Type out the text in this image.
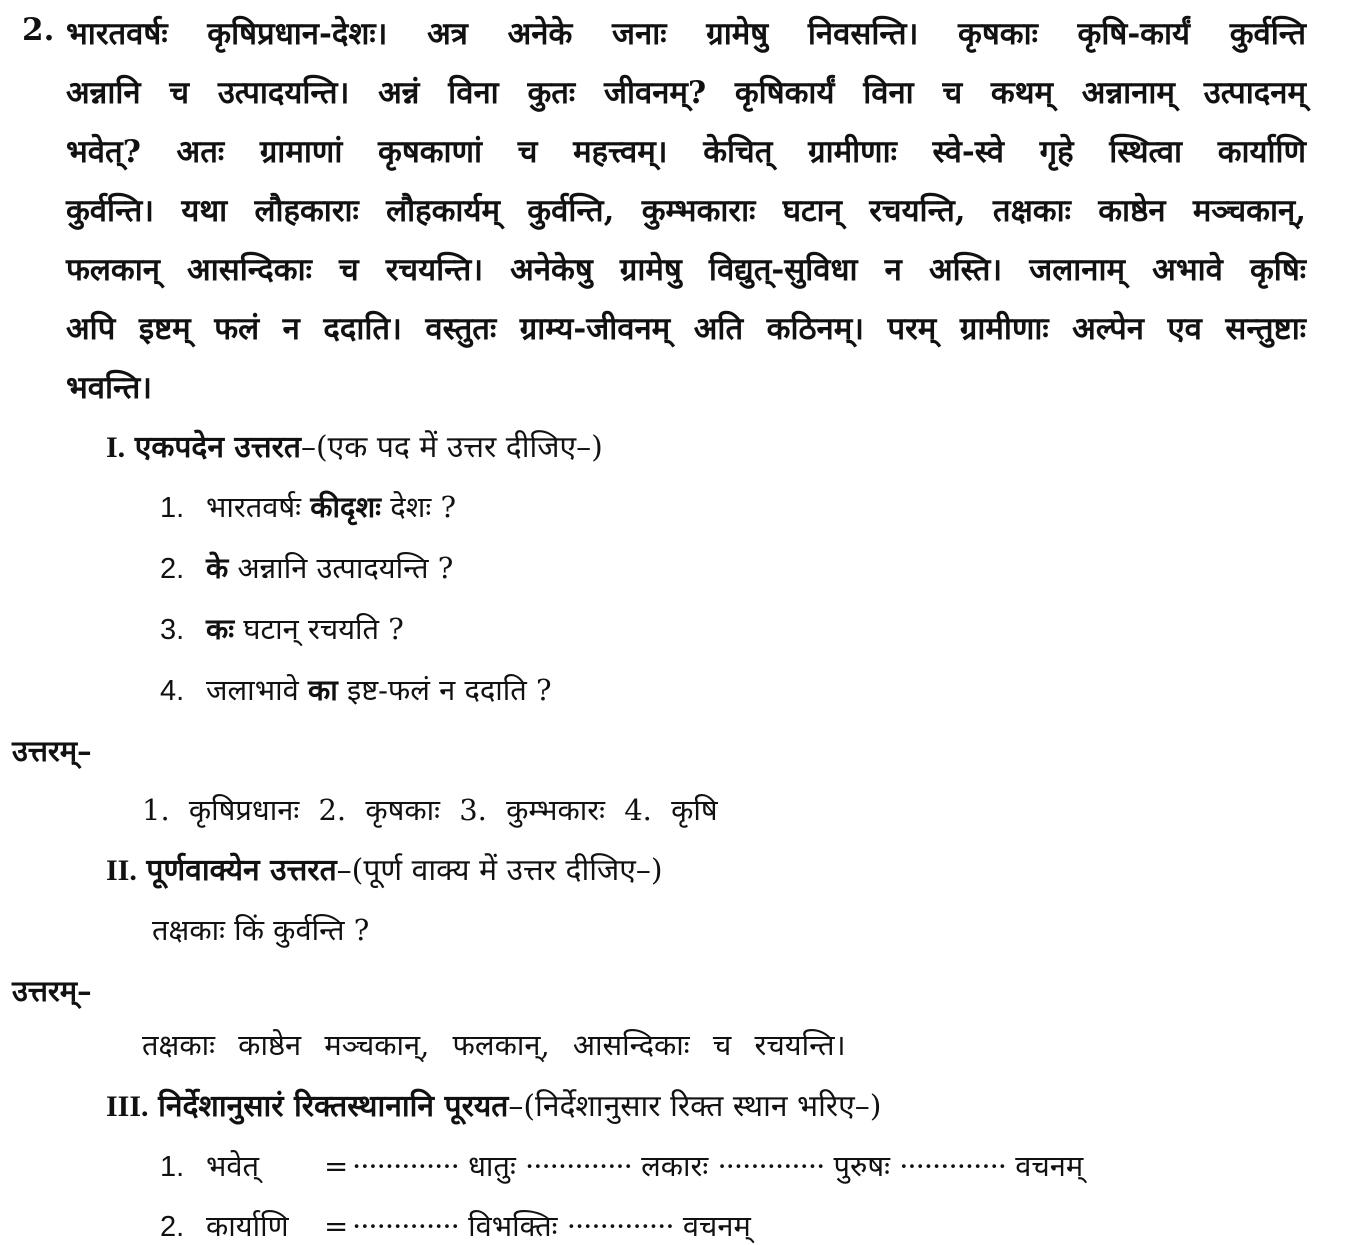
2. भारतवर्षः कृषिप्रधान-देशः। अत्र अनेके जनाः ग्रामेषु निवसन्ति। कृषकाः कृषि-कार्यं कुर्वन्ति
अन्नानि च उत्पादयन्ति। अन्नं विना कुतः जीवनम्? कृषिकार्यं विना च कथम् अन्नानाम् उत्पादनम्
भवेत्? अतः ग्रामाणां कृषकाणां च महत्त्वम्। केचित् ग्रामीणाः स्वे-स्वे गृहे स्थित्वा कार्याणि
कुर्वन्ति। यथा लौहकाराः लौहकार्यम् कुर्वन्ति, कुम्भकाराः घटान् रचयन्ति, तक्षकाः काष्ठेन मञ्चकान्,
फलकान् आसन्दिकाः च रचयन्ति। अनेकेषु ग्रामेषु विद्युत्-सुविधा न अस्ति। जलानाम् अभावे कृषिः
अपि इष्टम् फलं न ददाति। वस्तुतः ग्राम्य-जीवनम् अति कठिनम्। परम् ग्रामीणाः अल्पेन एव सन्तुष्टाः
भवन्ति।
I. एकपदेन उत्तरत–(एक पद में उत्तर दीजिए–)
1. भारतवर्षः कीदृशः देशः ?
2. के अन्नानि उत्पादयन्ति ?
3. कः घटान् रचयति ?
4. जलाभावे का इष्ट-फलं न ददाति ?
उत्तरम्–
1. कृषिप्रधानः 2. कृषकाः 3. कुम्भकारः 4. कृषि
II. पूर्णवाक्येन उत्तरत–(पूर्ण वाक्य में उत्तर दीजिए–)
तक्षकाः किं कुर्वन्ति ?
उत्तरम्–
तक्षकाः काष्ठेन मञ्चकान्, फलकान्, आसन्दिकाः च रचयन्ति।
III. निर्देशानुसारं रिक्तस्थानानि पूरयत–(निर्देशानुसार रिक्त स्थान भरिए–)
1. भवेत् = ············· धातुः ············· लकारः ············· पुरुषः ············· वचनम्
2. कार्याणि = ············· विभक्तिः ············· वचनम्
